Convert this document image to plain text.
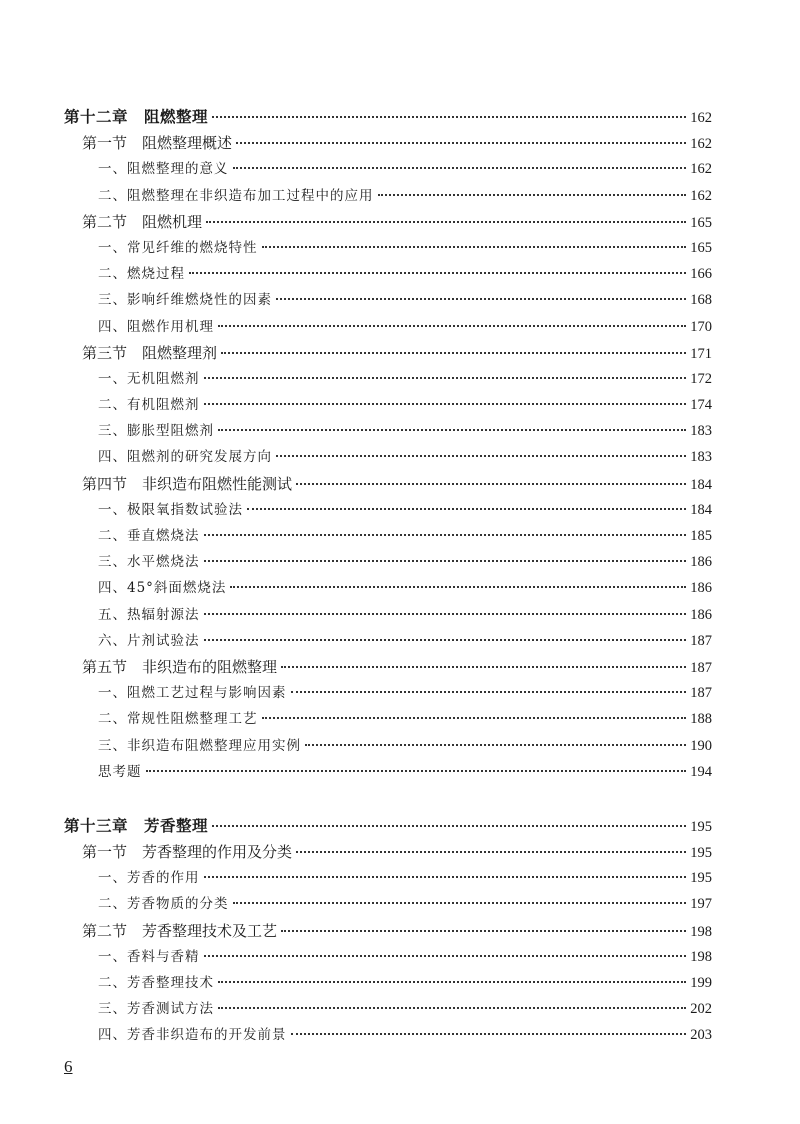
第十二章　阻燃整理	162
第一节　阻燃整理概述	162
一、阻燃整理的意义	162
二、阻燃整理在非织造布加工过程中的应用	162
第二节　阻燃机理	165
一、常见纤维的燃烧特性	165
二、燃烧过程	166
三、影响纤维燃烧性的因素	168
四、阻燃作用机理	170
第三节　阻燃整理剂	171
一、无机阻燃剂	172
二、有机阻燃剂	174
三、膨胀型阻燃剂	183
四、阻燃剂的研究发展方向	183
第四节　非织造布阻燃性能测试	184
一、极限氧指数试验法	184
二、垂直燃烧法	185
三、水平燃烧法	186
四、45°斜面燃烧法	186
五、热辐射源法	186
六、片剂试验法	187
第五节　非织造布的阻燃整理	187
一、阻燃工艺过程与影响因素	187
二、常规性阻燃整理工艺	188
三、非织造布阻燃整理应用实例	190
思考题	194
第十三章　芳香整理	195
第一节　芳香整理的作用及分类	195
一、芳香的作用	195
二、芳香物质的分类	197
第二节　芳香整理技术及工艺	198
一、香料与香精	198
二、芳香整理技术	199
三、芳香测试方法	202
四、芳香非织造布的开发前景	203
6
